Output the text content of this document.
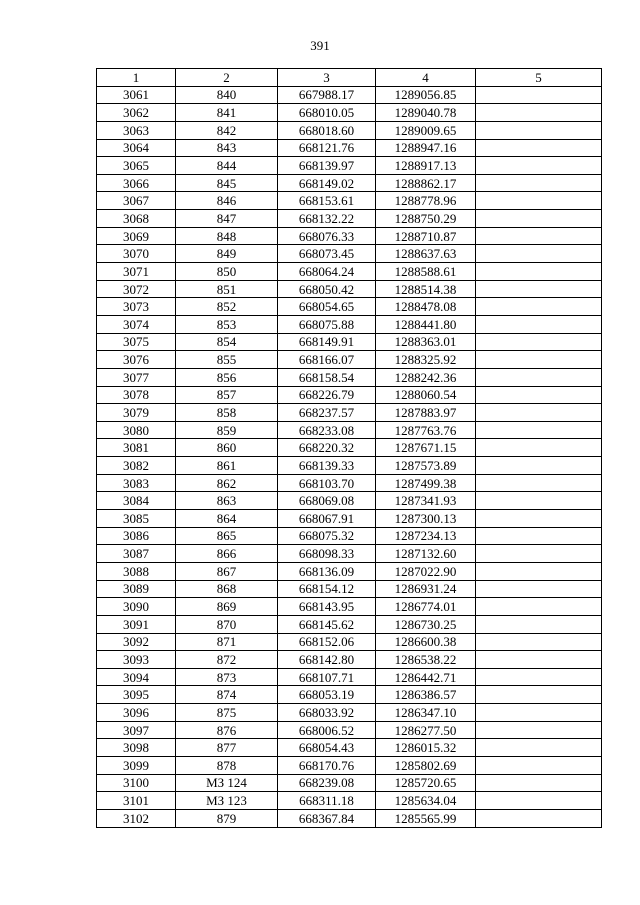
391
1	2	3	4	5
3061	840	667988.17	1289056.85	
3062	841	668010.05	1289040.78	
3063	842	668018.60	1289009.65	
3064	843	668121.76	1288947.16	
3065	844	668139.97	1288917.13	
3066	845	668149.02	1288862.17	
3067	846	668153.61	1288778.96	
3068	847	668132.22	1288750.29	
3069	848	668076.33	1288710.87	
3070	849	668073.45	1288637.63	
3071	850	668064.24	1288588.61	
3072	851	668050.42	1288514.38	
3073	852	668054.65	1288478.08	
3074	853	668075.88	1288441.80	
3075	854	668149.91	1288363.01	
3076	855	668166.07	1288325.92	
3077	856	668158.54	1288242.36	
3078	857	668226.79	1288060.54	
3079	858	668237.57	1287883.97	
3080	859	668233.08	1287763.76	
3081	860	668220.32	1287671.15	
3082	861	668139.33	1287573.89	
3083	862	668103.70	1287499.38	
3084	863	668069.08	1287341.93	
3085	864	668067.91	1287300.13	
3086	865	668075.32	1287234.13	
3087	866	668098.33	1287132.60	
3088	867	668136.09	1287022.90	
3089	868	668154.12	1286931.24	
3090	869	668143.95	1286774.01	
3091	870	668145.62	1286730.25	
3092	871	668152.06	1286600.38	
3093	872	668142.80	1286538.22	
3094	873	668107.71	1286442.71	
3095	874	668053.19	1286386.57	
3096	875	668033.92	1286347.10	
3097	876	668006.52	1286277.50	
3098	877	668054.43	1286015.32	
3099	878	668170.76	1285802.69	
3100	МЗ 124	668239.08	1285720.65	
3101	МЗ 123	668311.18	1285634.04	
3102	879	668367.84	1285565.99	
